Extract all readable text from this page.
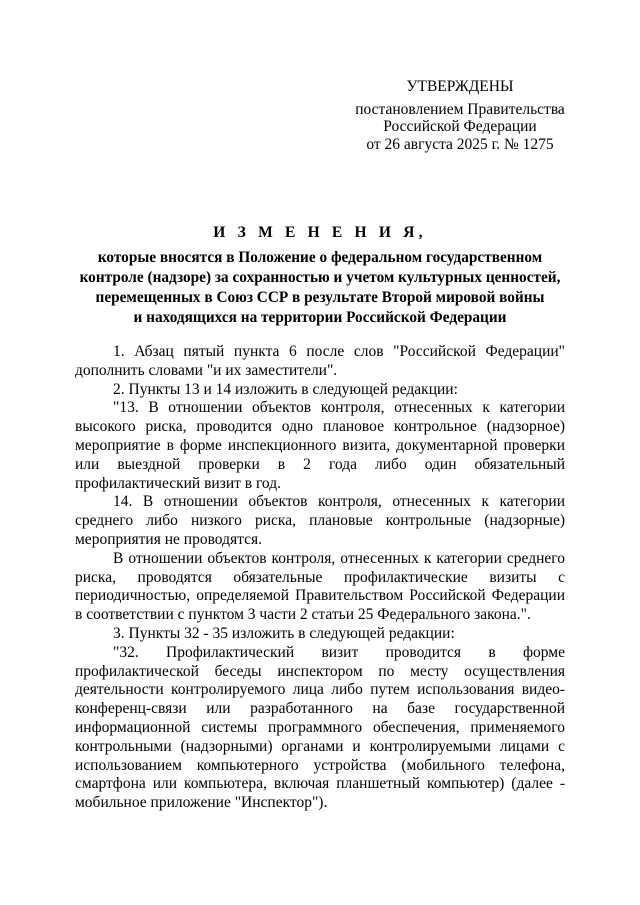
УТВЕРЖДЕНЫ
постановлением Правительства
Российской Федерации
от 26 августа 2025 г. № 1275
И З М Е Н Е Н И Я,
которые вносятся в Положение о федеральном государственном
контроле (надзоре) за сохранностью и учетом культурных ценностей,
перемещенных в Союз ССР в результате Второй мировой войны
и находящихся на территории Российской Федерации

1. Абзац пятый пункта 6 после слов "Российской Федерации" дополнить словами "и их заместители".

2. Пункты 13 и 14 изложить в следующей редакции:

"13. В отношении объектов контроля, отнесенных к категории высокого риска, проводится одно плановое контрольное (надзорное) мероприятие в форме инспекционного визита, документарной проверки или выездной проверки в 2 года либо один обязательный профилактический визит в год.

14. В отношении объектов контроля, отнесенных к категории среднего либо низкого риска, плановые контрольные (надзорные) мероприятия не проводятся.

В отношении объектов контроля, отнесенных к категории среднего риска, проводятся обязательные профилактические визиты с периодичностью, определяемой Правительством Российской Федерации в соответствии с пунктом 3 части 2 статьи 25 Федерального закона.".

3. Пункты 32 - 35 изложить в следующей редакции:

"32. Профилактический визит проводится в форме профилактической беседы инспектором по месту осуществления деятельности контролируемого лица либо путем использования видео-конференц-связи или разработанного на базе государственной информационной системы программного обеспечения, применяемого контрольными (надзорными) органами и контролируемыми лицами с использованием компьютерного устройства (мобильного телефона, смартфона или компьютера, включая планшетный компьютер) (далее - мобильное приложение "Инспектор").
